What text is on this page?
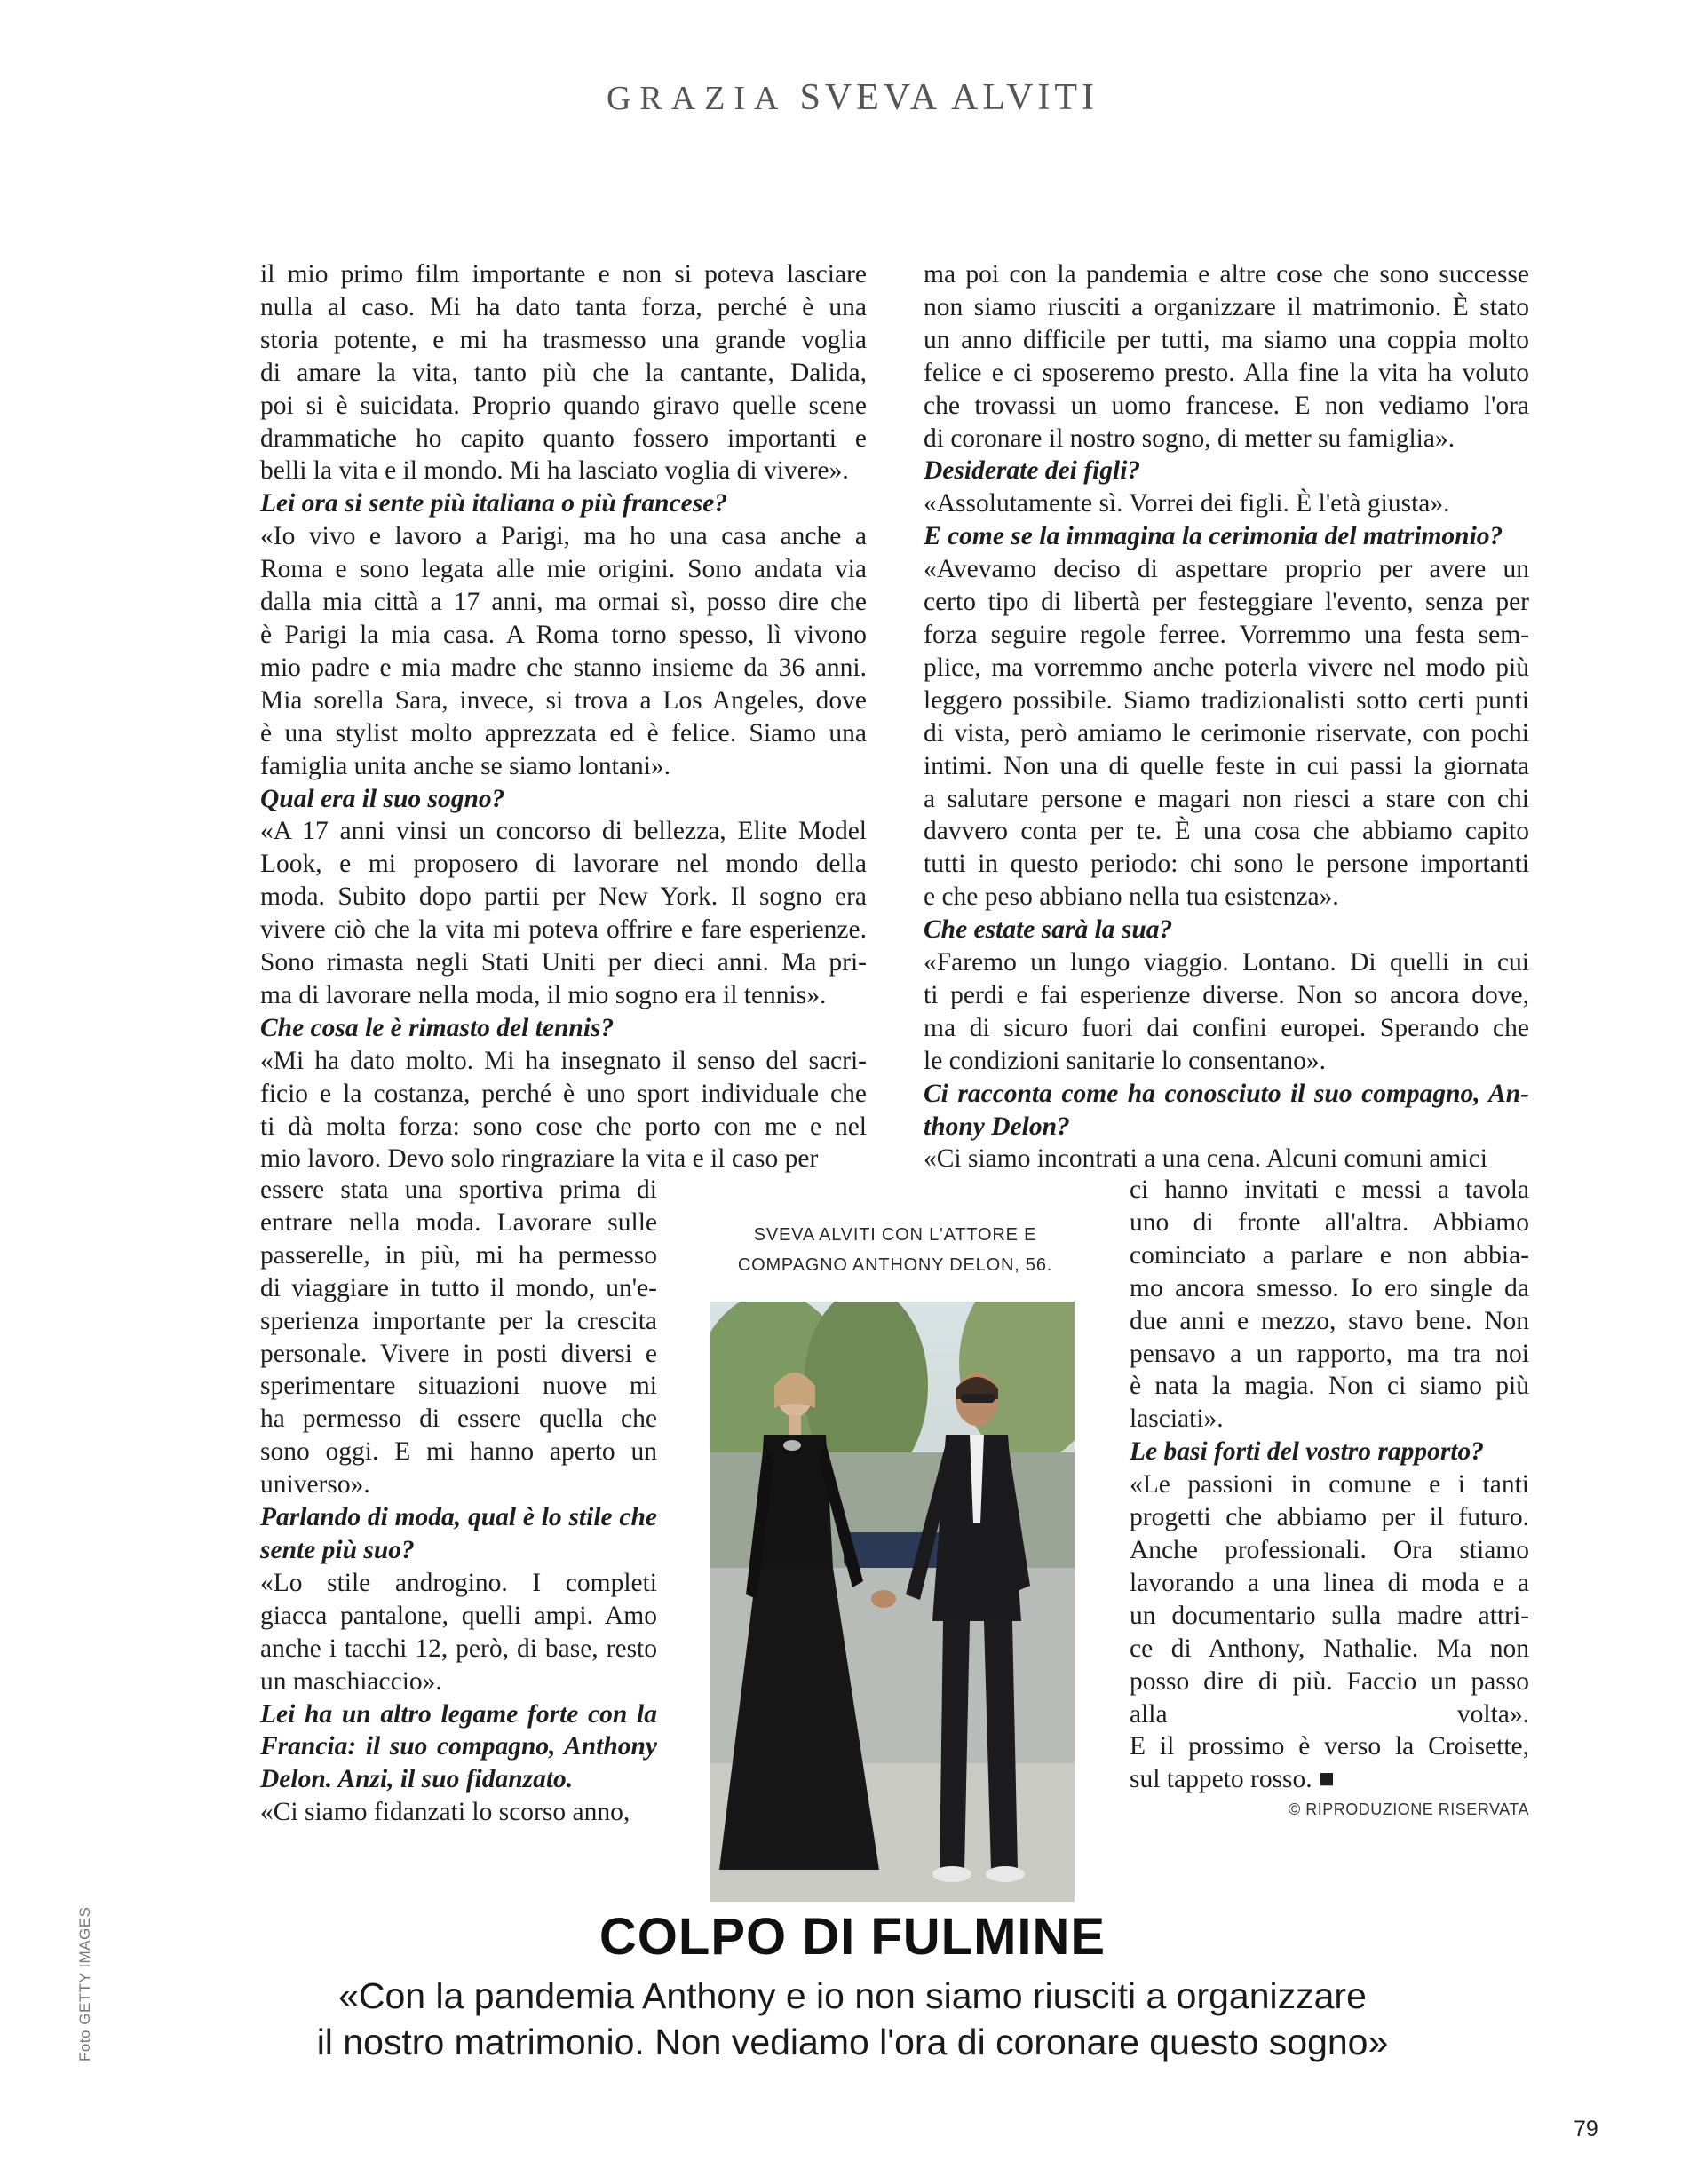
GRAZIA SVEVA ALVITI

il mio primo film importante e non si poteva lasciare

nulla al caso. Mi ha dato tanta forza, perché è una

storia potente, e mi ha trasmesso una grande voglia

di amare la vita, tanto più che la cantante, Dalida,

poi si è suicidata. Proprio quando giravo quelle scene

drammatiche ho capito quanto fossero importanti e

belli la vita e il mondo. Mi ha lasciato voglia di vivere».

Lei ora si sente più italiana o più francese?

«Io vivo e lavoro a Parigi, ma ho una casa anche a

Roma e sono legata alle mie origini. Sono andata via

dalla mia città a 17 anni, ma ormai sì, posso dire che

è Parigi la mia casa. A Roma torno spesso, lì vivono

mio padre e mia madre che stanno insieme da 36 anni.

Mia sorella Sara, invece, si trova a Los Angeles, dove

è una stylist molto apprezzata ed è felice. Siamo una

famiglia unita anche se siamo lontani».

Qual era il suo sogno?

«A 17 anni vinsi un concorso di bellezza, Elite Model

Look, e mi proposero di lavorare nel mondo della

moda. Subito dopo partii per New York. Il sogno era

vivere ciò che la vita mi poteva offrire e fare esperienze.

Sono rimasta negli Stati Uniti per dieci anni. Ma pri-

ma di lavorare nella moda, il mio sogno era il tennis».

Che cosa le è rimasto del tennis?

«Mi ha dato molto. Mi ha insegnato il senso del sacri-

ficio e la costanza, perché è uno sport individuale che

ti dà molta forza: sono cose che porto con me e nel

mio lavoro. Devo solo ringraziare la vita e il caso per

essere stata una sportiva prima di

entrare nella moda. Lavorare sulle

passerelle, in più, mi ha permesso

di viaggiare in tutto il mondo, un'e-

sperienza importante per la crescita

personale. Vivere in posti diversi e

sperimentare situazioni nuove mi

ha permesso di essere quella che

sono oggi. E mi hanno aperto un

universo».

Parlando di moda, qual è lo stile che

sente più suo?

«Lo stile androgino. I completi

giacca pantalone, quelli ampi. Amo

anche i tacchi 12, però, di base, resto

un maschiaccio».

Lei ha un altro legame forte con la

Francia: il suo compagno, Anthony

Delon. Anzi, il suo fidanzato.

«Ci siamo fidanzati lo scorso anno,

ma poi con la pandemia e altre cose che sono successe

non siamo riusciti a organizzare il matrimonio. È stato

un anno difficile per tutti, ma siamo una coppia molto

felice e ci sposeremo presto. Alla fine la vita ha voluto

che trovassi un uomo francese. E non vediamo l'ora

di coronare il nostro sogno, di metter su famiglia».

Desiderate dei figli?

«Assolutamente sì. Vorrei dei figli. È l'età giusta».

E come se la immagina la cerimonia del matrimonio?

«Avevamo deciso di aspettare proprio per avere un

certo tipo di libertà per festeggiare l'evento, senza per

forza seguire regole ferree. Vorremmo una festa sem-

plice, ma vorremmo anche poterla vivere nel modo più

leggero possibile. Siamo tradizionalisti sotto certi punti

di vista, però amiamo le cerimonie riservate, con pochi

intimi. Non una di quelle feste in cui passi la giornata

a salutare persone e magari non riesci a stare con chi

davvero conta per te. È una cosa che abbiamo capito

tutti in questo periodo: chi sono le persone importanti

e che peso abbiano nella tua esistenza».

Che estate sarà la sua?

«Faremo un lungo viaggio. Lontano. Di quelli in cui

ti perdi e fai esperienze diverse. Non so ancora dove,

ma di sicuro fuori dai confini europei. Sperando che

le condizioni sanitarie lo consentano».

Ci racconta come ha conosciuto il suo compagno, An-

thony Delon?

«Ci siamo incontrati a una cena. Alcuni comuni amici

ci hanno invitati e messi a tavola

uno di fronte all'altra. Abbiamo

cominciato a parlare e non abbia-

mo ancora smesso. Io ero single da

due anni e mezzo, stavo bene. Non

pensavo a un rapporto, ma tra noi

è nata la magia. Non ci siamo più

lasciati».

Le basi forti del vostro rapporto?

«Le passioni in comune e i tanti

progetti che abbiamo per il futuro.

Anche professionali. Ora stiamo

lavorando a una linea di moda e a

un documentario sulla madre attri-

ce di Anthony, Nathalie. Ma non

posso dire di più. Faccio un passo

alla volta».

E il prossimo è verso la Croisette,

sul tappeto rosso. ■

SVEVA ALVITI CON L'ATTORE E
COMPAGNO ANTHONY DELON, 56.
© RIPRODUZIONE RISERVATA
COLPO DI FULMINE
«Con la pandemia Anthony e io non siamo riusciti a organizzare
il nostro matrimonio. Non vediamo l'ora di coronare questo sogno»
Foto GETTY IMAGES
79
